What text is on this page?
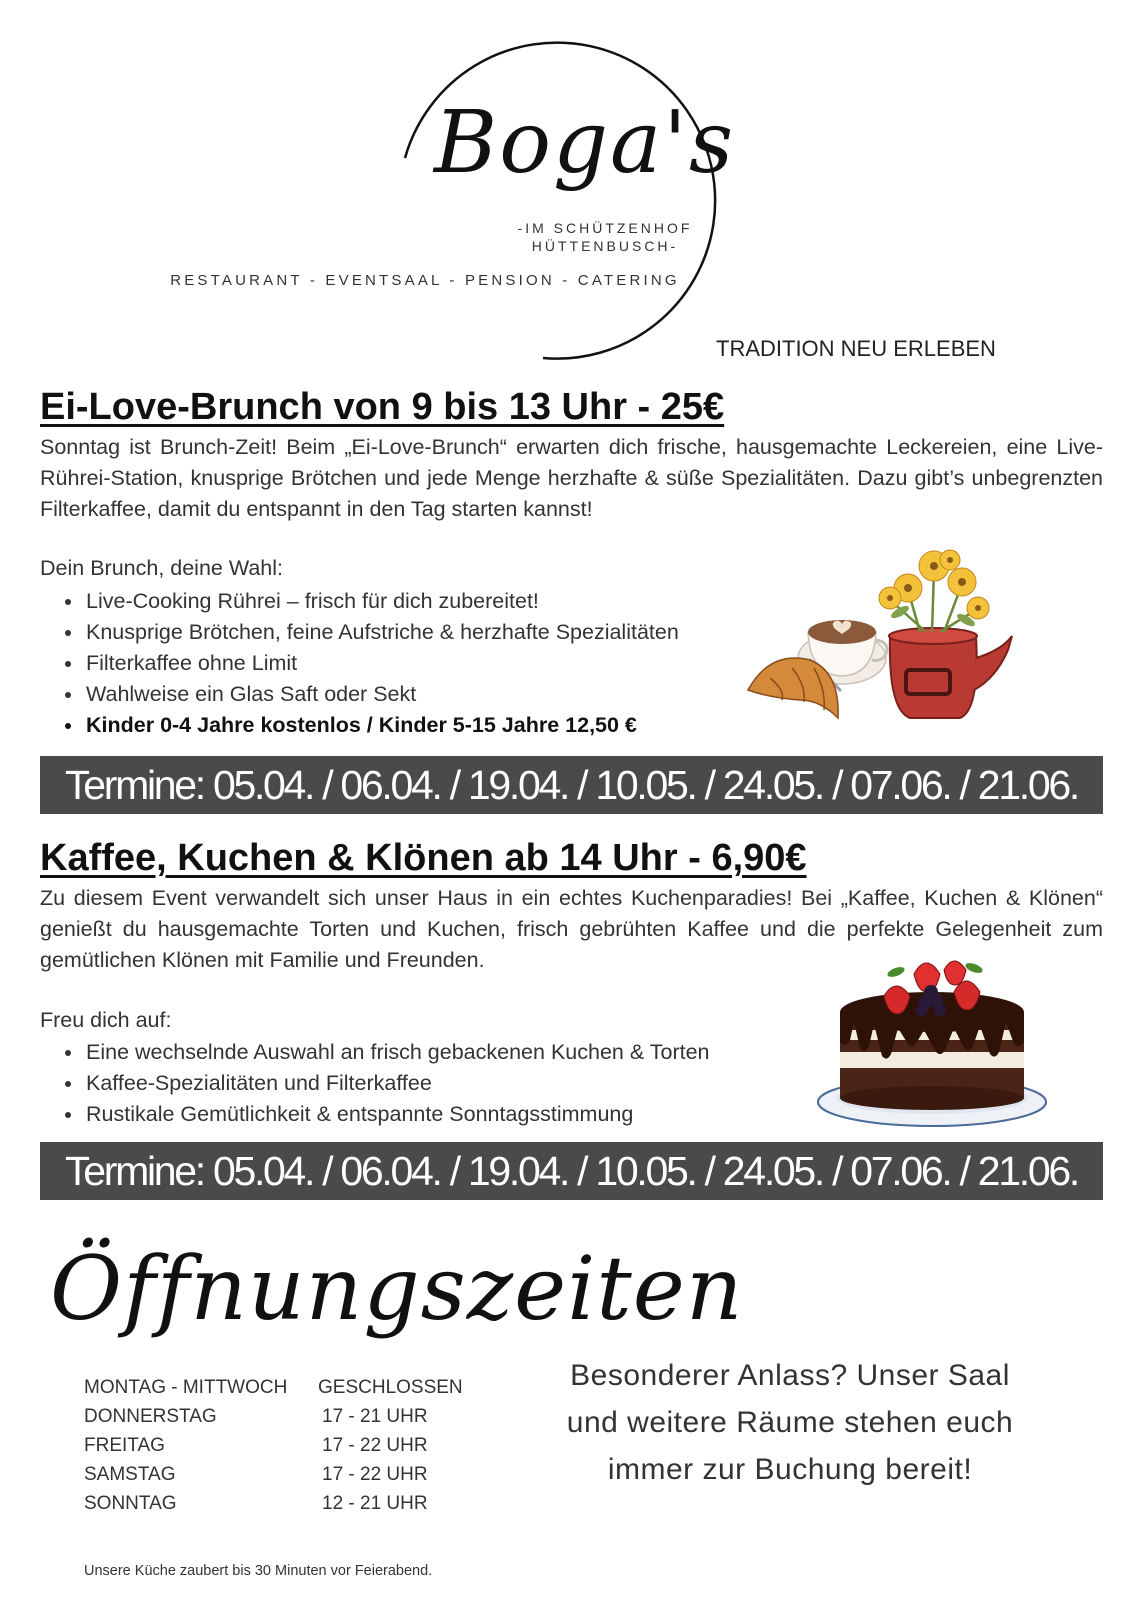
Boga's
-IM SCHÜTZENHOF
HÜTTENBUSCH-
RESTAURANT - EVENTSAAL - PENSION - CATERING
TRADITION NEU ERLEBEN
Ei-Love-Brunch von 9 bis 13 Uhr - 25€

Sonntag ist Brunch-Zeit! Beim „Ei-Love-Brunch“ erwarten dich frische, hausgemachte Leckereien, eine Live-Rührei-Station, knusprige Brötchen und jede Menge herzhafte & süße Spezialitäten. Dazu gibt’s unbegrenzten Filterkaffee, damit du entspannt in den Tag starten kannst!

Dein Brunch, deine Wahl:
• Live-Cooking Rührei – frisch für dich zubereitet!
• Knusprige Brötchen, feine Aufstriche & herzhafte Spezialitäten
• Filterkaffee ohne Limit
• Wahlweise ein Glas Saft oder Sekt
• Kinder 0-4 Jahre kostenlos / Kinder 5-15 Jahre 12,50 €
Termine: 05.04. / 06.04. / 19.04. / 10.05. / 24.05. / 07.06. / 21.06.
Kaffee, Kuchen & Klönen ab 14 Uhr - 6,90€

Zu diesem Event verwandelt sich unser Haus in ein echtes Kuchenparadies! Bei „Kaffee, Kuchen & Klönen“ genießt du hausgemachte Torten und Kuchen, frisch gebrühten Kaffee und die perfekte Gelegenheit zum gemütlichen Klönen mit Familie und Freunden.

Freu dich auf:
• Eine wechselnde Auswahl an frisch gebackenen Kuchen & Torten
• Kaffee-Spezialitäten und Filterkaffee
• Rustikale Gemütlichkeit & entspannte Sonntagsstimmung
Termine: 05.04. / 06.04. / 19.04. / 10.05. / 24.05. / 07.06. / 21.06.
Öffnungszeiten
MONTAG - MITTWOCH	GESCHLOSSEN
DONNERSTAG	17 - 21 UHR
FREITAG	17 - 22 UHR
SAMSTAG	17 - 22 UHR
SONNTAG	12 - 21 UHR
Unsere Küche zaubert bis 30 Minuten vor Feierabend.
Besonderer Anlass? Unser Saal
und weitere Räume stehen euch
immer zur Buchung bereit!
